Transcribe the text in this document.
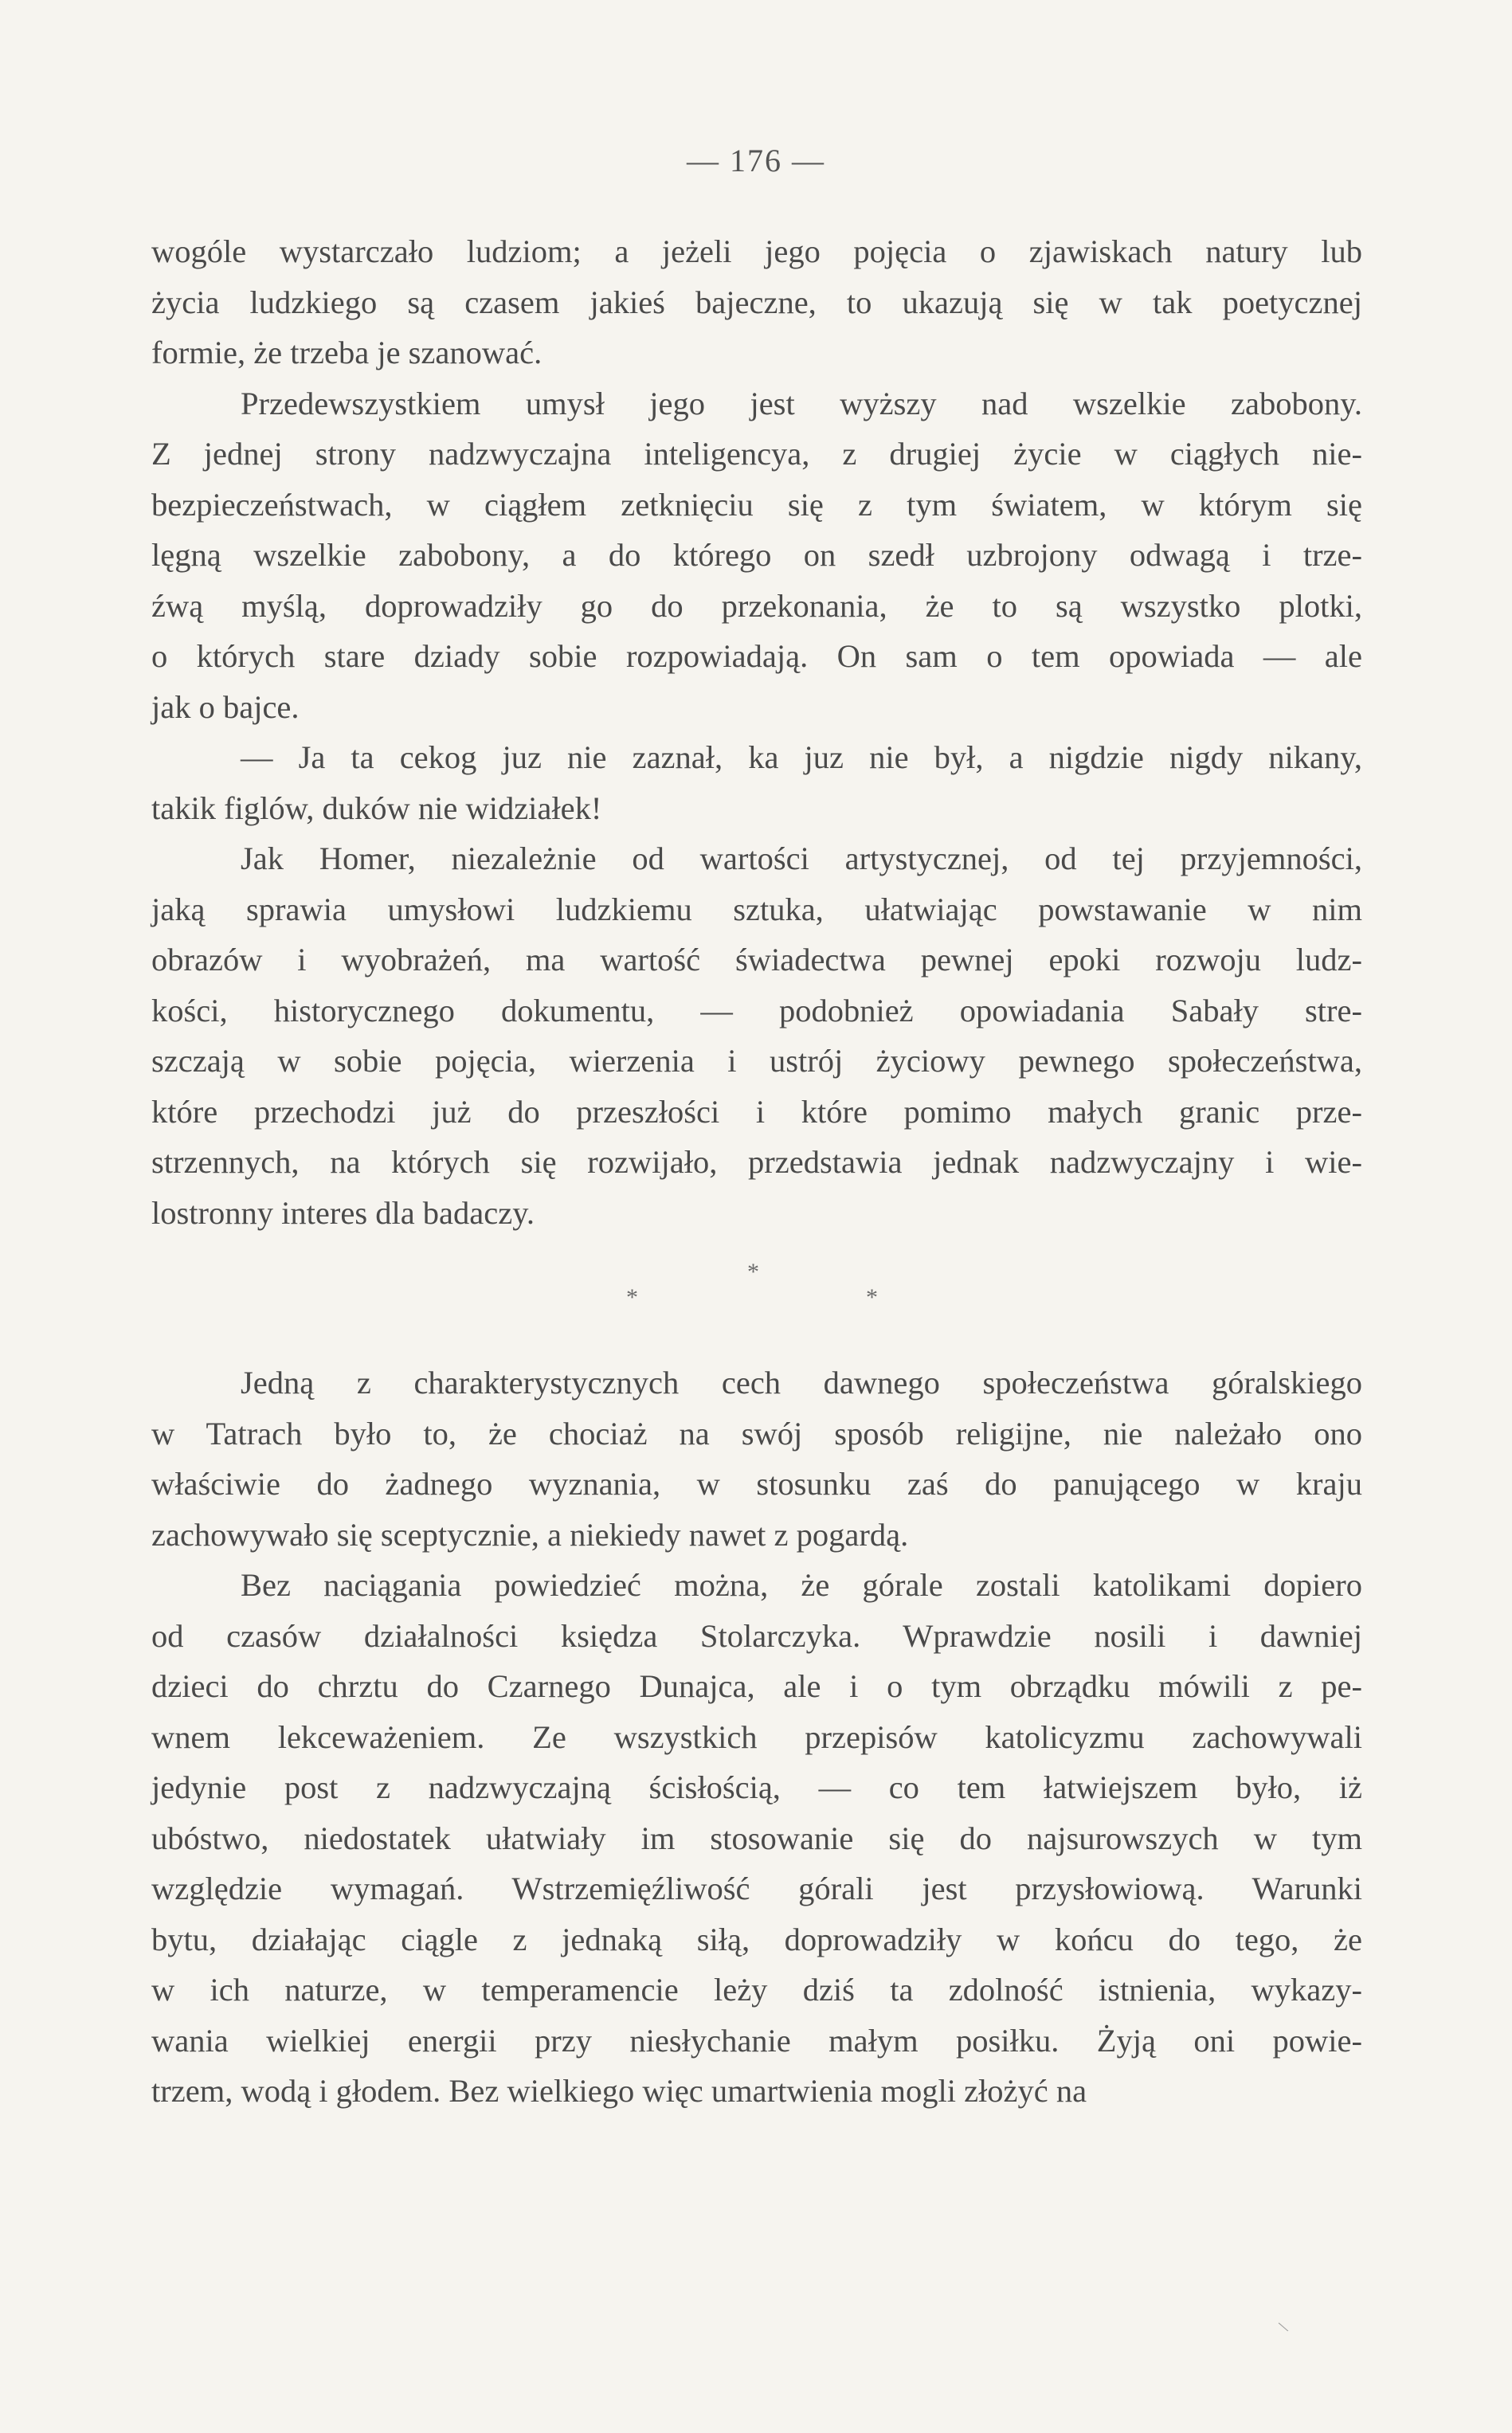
— 176 —
wogóle wystarczało ludziom; a jeżeli jego pojęcia o zjawiskach natury lub
życia ludzkiego są czasem jakieś bajeczne, to ukazują się w tak poetycznej
formie, że trzeba je szanować.
Przedewszystkiem umysł jego jest wyższy nad wszelkie zabobony.
Z jednej strony nadzwyczajna inteligencya, z drugiej życie w ciągłych nie-
bezpieczeństwach, w ciągłem zetknięciu się z tym światem, w którym się
lęgną wszelkie zabobony, a do którego on szedł uzbrojony odwagą i trze-
źwą myślą, doprowadziły go do przekonania, że to są wszystko plotki,
o których stare dziady sobie rozpowiadają. On sam o tem opowiada — ale
jak o bajce.
— Ja ta cekog juz nie zaznał, ka juz nie był, a nigdzie nigdy nikany,
takik figlów, duków nie widziałek!
Jak Homer, niezależnie od wartości artystycznej, od tej przyjemności,
jaką sprawia umysłowi ludzkiemu sztuka, ułatwiając powstawanie w nim
obrazów i wyobrażeń, ma wartość świadectwa pewnej epoki rozwoju ludz-
kości, historycznego dokumentu, — podobnież opowiadania Sabały stre-
szczają w sobie pojęcia, wierzenia i ustrój życiowy pewnego społeczeństwa,
które przechodzi już do przeszłości i które pomimo małych granic prze-
strzennych, na których się rozwijało, przedstawia jednak nadzwyczajny i wie-
lostronny interes dla badaczy.
*
*	*
Jedną z charakterystycznych cech dawnego społeczeństwa góralskiego
w Tatrach było to, że chociaż na swój sposób religijne, nie należało ono
właściwie do żadnego wyznania, w stosunku zaś do panującego w kraju
zachowywało się sceptycznie, a niekiedy nawet z pogardą.
Bez naciągania powiedzieć można, że górale zostali katolikami dopiero
od czasów działalności księdza Stolarczyka. Wprawdzie nosili i dawniej
dzieci do chrztu do Czarnego Dunajca, ale i o tym obrządku mówili z pe-
wnem lekceważeniem. Ze wszystkich przepisów katolicyzmu zachowywali
jedynie post z nadzwyczajną ścisłością, — co tem łatwiejszem było, iż
ubóstwo, niedostatek ułatwiały im stosowanie się do najsurowszych w tym
względzie wymagań. Wstrzemięźliwość górali jest przysłowiową. Warunki
bytu, działając ciągle z jednaką siłą, doprowadziły w końcu do tego, że
w ich naturze, w temperamencie leży dziś ta zdolność istnienia, wykazy-
wania wielkiej energii przy niesłychanie małym posiłku. Żyją oni powie-
trzem, wodą i głodem. Bez wielkiego więc umartwienia mogli złożyć na
\
